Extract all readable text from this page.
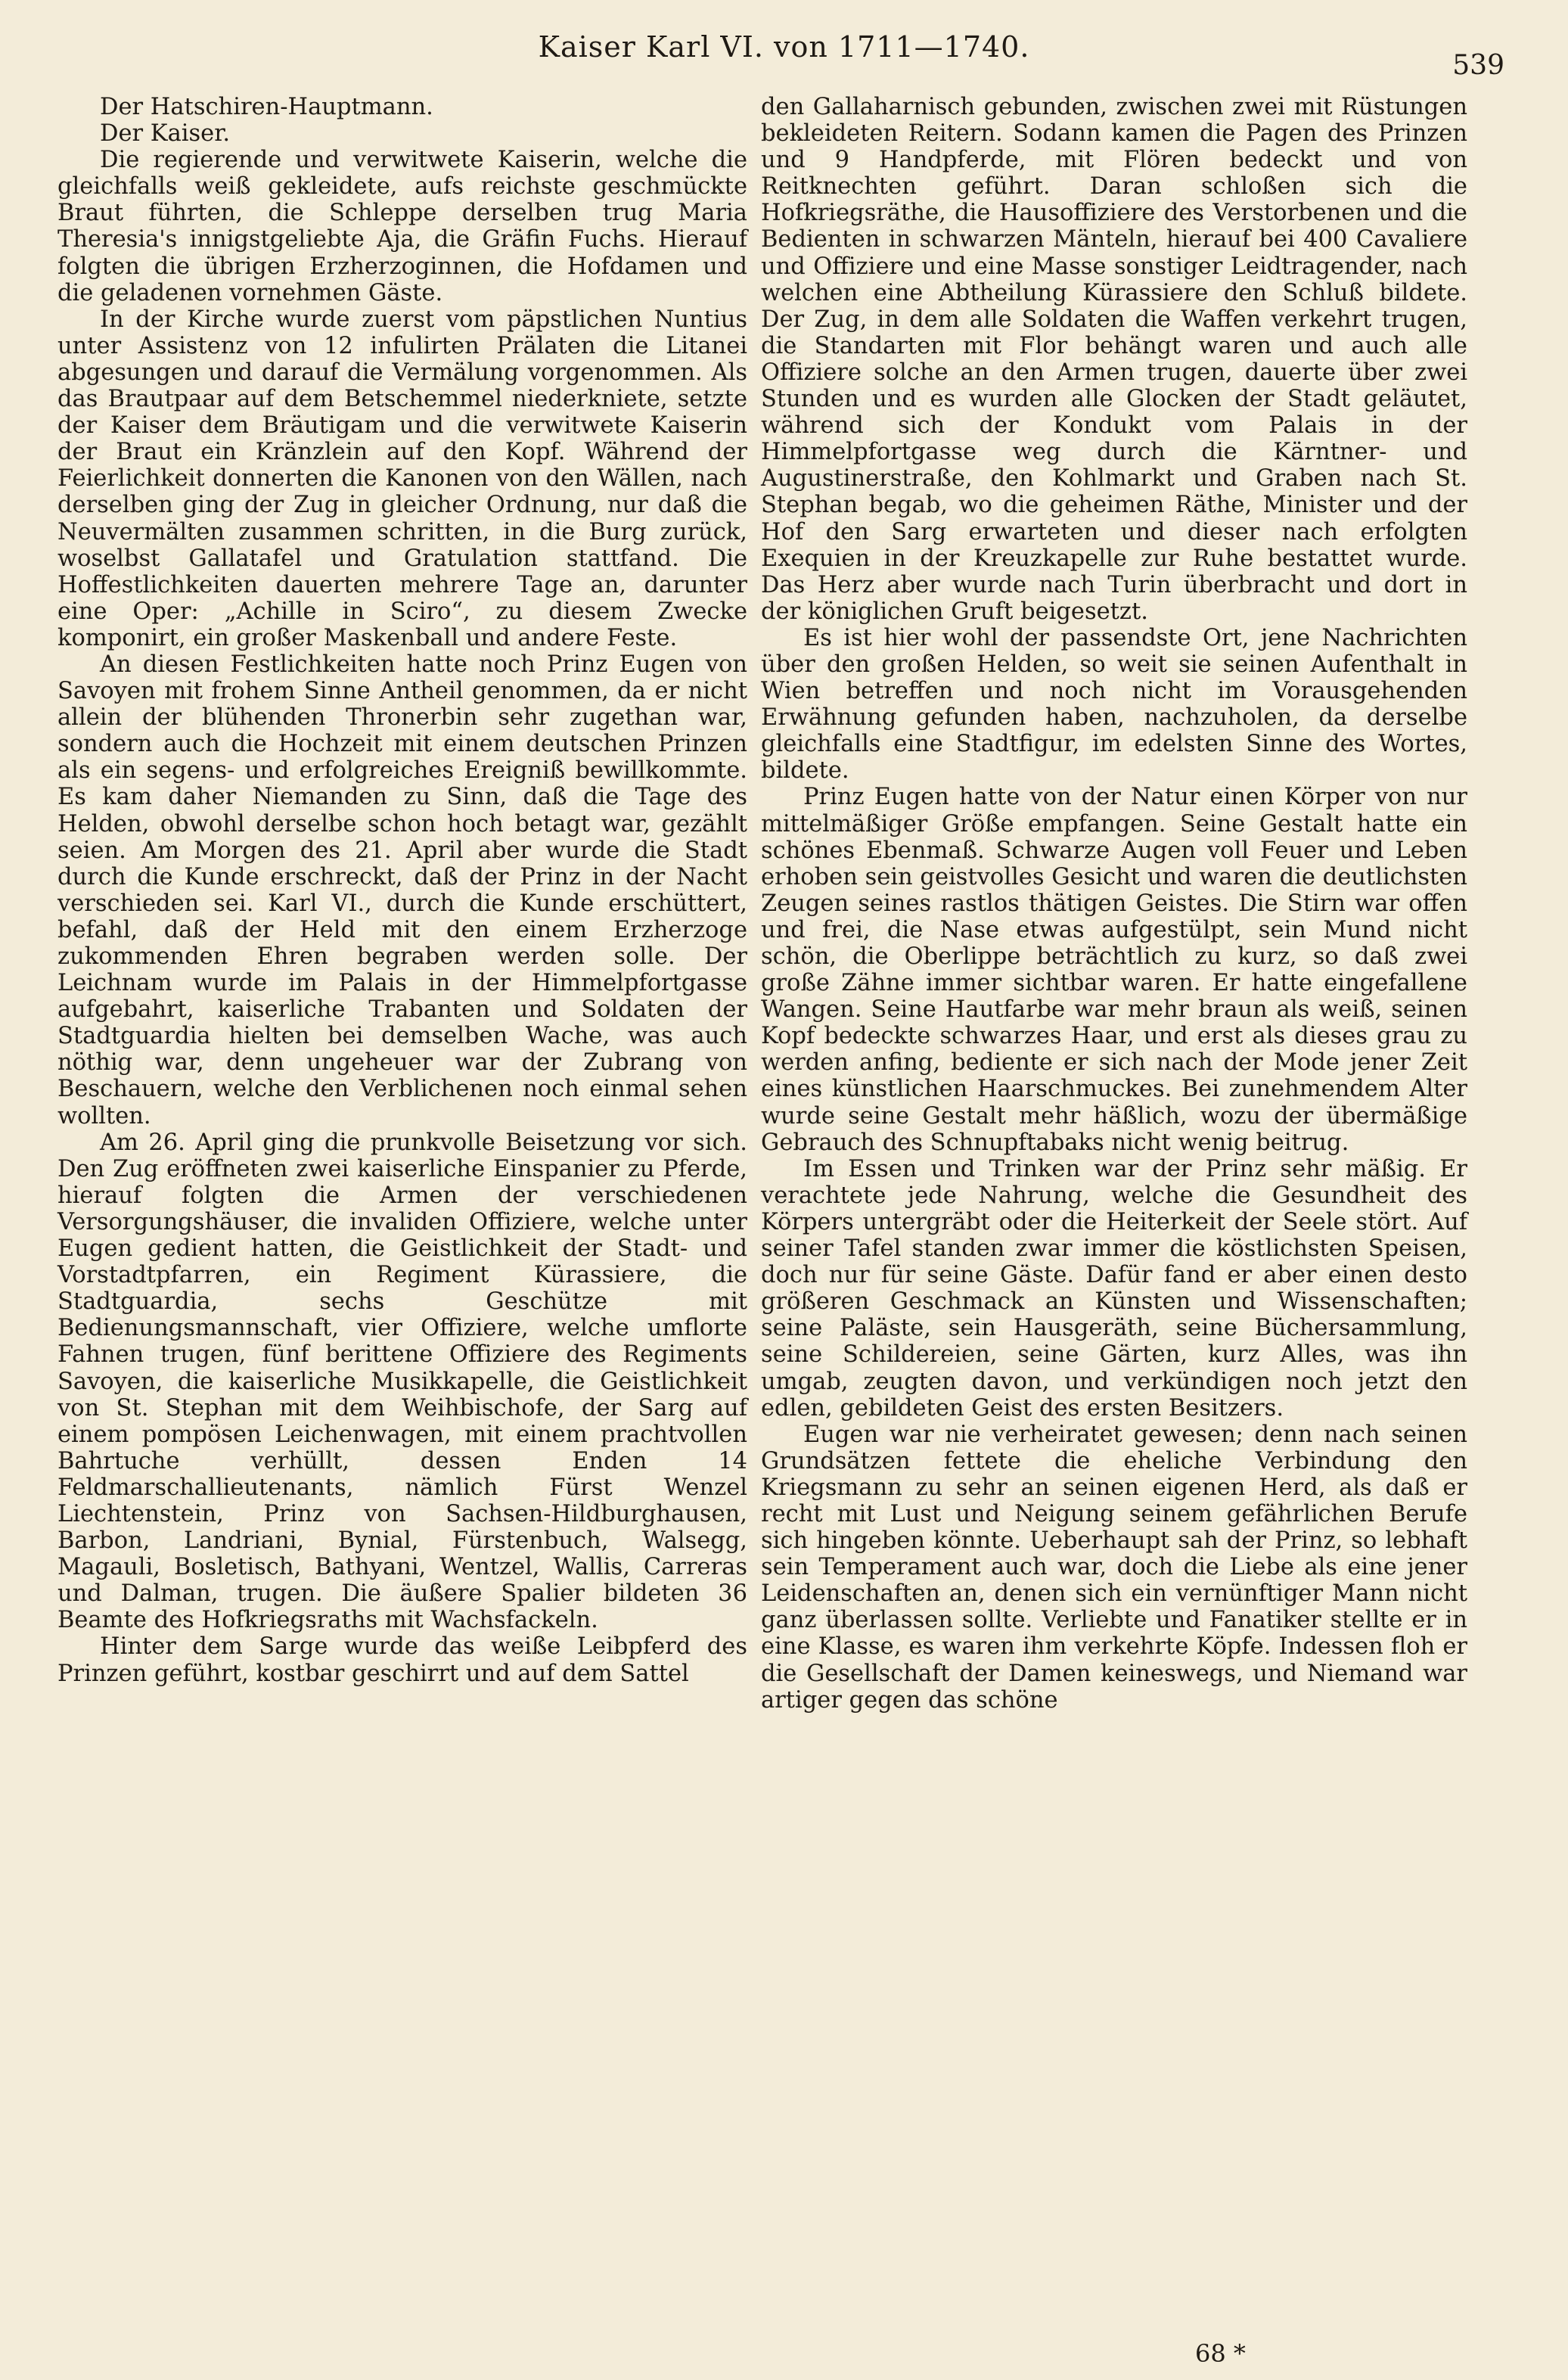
Kaiser Karl VI. von 1711—1740.
539

Der Hatschiren-Hauptmann.

Der Kaiser.

Die regierende und verwitwete Kaiserin, welche die gleichfalls weiß gekleidete, aufs reichste geschmückte Braut führten, die Schleppe derselben trug Maria Theresia's innigstgeliebte Aja, die Gräfin Fuchs. Hierauf folgten die übrigen Erzherzoginnen, die Hofdamen und die geladenen vornehmen Gäste.

In der Kirche wurde zuerst vom päpstlichen Nuntius unter Assistenz von 12 infulirten Prälaten die Litanei abgesungen und darauf die Vermälung vorgenommen. Als das Brautpaar auf dem Betschemmel niederkniete, setzte der Kaiser dem Bräutigam und die verwitwete Kaiserin der Braut ein Kränzlein auf den Kopf. Während der Feierlichkeit donnerten die Kanonen von den Wällen, nach derselben ging der Zug in gleicher Ordnung, nur daß die Neuvermälten zusammen schritten, in die Burg zurück, woselbst Gallatafel und Gratulation stattfand. Die Hoffestlichkeiten dauerten mehrere Tage an, darunter eine Oper: „Achille in Sciro“, zu diesem Zwecke komponirt, ein großer Maskenball und andere Feste.

An diesen Festlichkeiten hatte noch Prinz Eugen von Savoyen mit frohem Sinne Antheil genommen, da er nicht allein der blühenden Thronerbin sehr zugethan war, sondern auch die Hochzeit mit einem deutschen Prinzen als ein segens- und erfolgreiches Ereigniß bewillkommte. Es kam daher Niemanden zu Sinn, daß die Tage des Helden, obwohl derselbe schon hoch betagt war, gezählt seien. Am Morgen des 21. April aber wurde die Stadt durch die Kunde erschreckt, daß der Prinz in der Nacht verschieden sei. Karl VI., durch die Kunde erschüttert, befahl, daß der Held mit den einem Erzherzoge zukommenden Ehren begraben werden solle. Der Leichnam wurde im Palais in der Himmelpfortgasse aufgebahrt, kaiserliche Trabanten und Soldaten der Stadtguardia hielten bei demselben Wache, was auch nöthig war, denn ungeheuer war der Zubrang von Beschauern, welche den Verblichenen noch einmal sehen wollten.

Am 26. April ging die prunkvolle Beisetzung vor sich. Den Zug eröffneten zwei kaiserliche Einspanier zu Pferde, hierauf folgten die Armen der verschiedenen Versorgungshäuser, die invaliden Offiziere, welche unter Eugen gedient hatten, die Geistlichkeit der Stadt- und Vorstadtpfarren, ein Regiment Kürassiere, die Stadtguardia, sechs Geschütze mit Bedienungsmannschaft, vier Offiziere, welche umflorte Fahnen trugen, fünf berittene Offiziere des Regiments Savoyen, die kaiserliche Musikkapelle, die Geistlichkeit von St. Stephan mit dem Weihbischofe, der Sarg auf einem pompösen Leichenwagen, mit einem prachtvollen Bahrtuche verhüllt, dessen Enden 14 Feldmarschallieutenants, nämlich Fürst Wenzel Liechtenstein, Prinz von Sachsen-Hildburghausen, Barbon, Landriani, Bynial, Fürstenbuch, Walsegg, Magauli, Bosletisch, Bathyani, Wentzel, Wallis, Carreras und Dalman, trugen. Die äußere Spalier bildeten 36 Beamte des Hofkriegsraths mit Wachsfackeln.

Hinter dem Sarge wurde das weiße Leibpferd des Prinzen geführt, kostbar geschirrt und auf dem Sattel

den Gallaharnisch gebunden, zwischen zwei mit Rüstungen bekleideten Reitern. Sodann kamen die Pagen des Prinzen und 9 Handpferde, mit Flören bedeckt und von Reitknechten geführt. Daran schloßen sich die Hofkriegsräthe, die Hausoffiziere des Verstorbenen und die Bedienten in schwarzen Mänteln, hierauf bei 400 Cavaliere und Offiziere und eine Masse sonstiger Leidtragender, nach welchen eine Abtheilung Kürassiere den Schluß bildete. Der Zug, in dem alle Soldaten die Waffen verkehrt trugen, die Standarten mit Flor behängt waren und auch alle Offiziere solche an den Armen trugen, dauerte über zwei Stunden und es wurden alle Glocken der Stadt geläutet, während sich der Kondukt vom Palais in der Himmelpfortgasse weg durch die Kärntner- und Augustinerstraße, den Kohlmarkt und Graben nach St. Stephan begab, wo die geheimen Räthe, Minister und der Hof den Sarg erwarteten und dieser nach erfolgten Exequien in der Kreuzkapelle zur Ruhe bestattet wurde. Das Herz aber wurde nach Turin überbracht und dort in der königlichen Gruft beigesetzt.

Es ist hier wohl der passendste Ort, jene Nachrichten über den großen Helden, so weit sie seinen Aufenthalt in Wien betreffen und noch nicht im Vorausgehenden Erwähnung gefunden haben, nachzuholen, da derselbe gleichfalls eine Stadtfigur, im edelsten Sinne des Wortes, bildete.

Prinz Eugen hatte von der Natur einen Körper von nur mittelmäßiger Größe empfangen. Seine Gestalt hatte ein schönes Ebenmaß. Schwarze Augen voll Feuer und Leben erhoben sein geistvolles Gesicht und waren die deutlichsten Zeugen seines rastlos thätigen Geistes. Die Stirn war offen und frei, die Nase etwas aufgestülpt, sein Mund nicht schön, die Oberlippe beträchtlich zu kurz, so daß zwei große Zähne immer sichtbar waren. Er hatte eingefallene Wangen. Seine Hautfarbe war mehr braun als weiß, seinen Kopf bedeckte schwarzes Haar, und erst als dieses grau zu werden anfing, bediente er sich nach der Mode jener Zeit eines künstlichen Haarschmuckes. Bei zunehmendem Alter wurde seine Gestalt mehr häßlich, wozu der übermäßige Gebrauch des Schnupftabaks nicht wenig beitrug.

Im Essen und Trinken war der Prinz sehr mäßig. Er verachtete jede Nahrung, welche die Gesundheit des Körpers untergräbt oder die Heiterkeit der Seele stört. Auf seiner Tafel standen zwar immer die köstlichsten Speisen, doch nur für seine Gäste. Dafür fand er aber einen desto größeren Geschmack an Künsten und Wissenschaften; seine Paläste, sein Hausgeräth, seine Büchersammlung, seine Schildereien, seine Gärten, kurz Alles, was ihn umgab, zeugten davon, und verkündigen noch jetzt den edlen, gebildeten Geist des ersten Besitzers.

Eugen war nie verheiratet gewesen; denn nach seinen Grundsätzen fettete die eheliche Verbindung den Kriegsmann zu sehr an seinen eigenen Herd, als daß er recht mit Lust und Neigung seinem gefährlichen Berufe sich hingeben könnte. Ueberhaupt sah der Prinz, so lebhaft sein Temperament auch war, doch die Liebe als eine jener Leidenschaften an, denen sich ein vernünftiger Mann nicht ganz überlassen sollte. Verliebte und Fanatiker stellte er in eine Klasse, es waren ihm verkehrte Köpfe. Indessen floh er die Gesellschaft der Damen keineswegs, und Niemand war artiger gegen das schöne

68 *
